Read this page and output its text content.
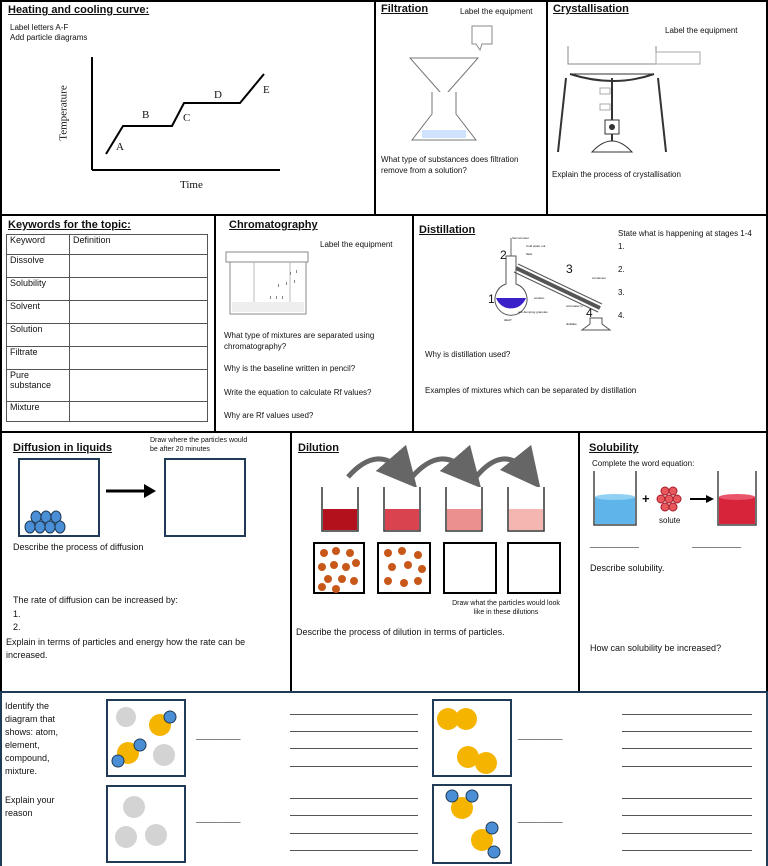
Heating and cooling curve:
Label letters A-F
Add particle diagrams
Temperature
Time
A
B	C
D	E
Filtration	Label the equipment
What type of substances does filtration remove from a solution?
Crystallisation
Label the equipment
Explain the process of crystallisation
Keywords for the topic:
Keyword	Definition
Dissolve	
Solubility	
Solvent	
Solution	
Filtrate	
Pure substance	
Mixture	
Chromatography
Label the equipment
What type of mixtures are separated using chromatography?
Why is the baseline written in pencil?
Write the equation to calculate Rf values?
Why are Rf values used?
Distillation	State what is happening at stages 1-4
1.
2.
3.
4.
1
2
3
4
thermometer
Cold water out
flask
condenser
solution
cold water in
anti-bumping granules
HEAT
distillate
Why is distillation used?
Examples of mixtures which can be separated by distillation
Diffusion in liquids
Draw where the particles would be after 20 minutes
Describe the process of diffusion
The rate of diffusion can be increased by:
1.
2.
Explain in terms of particles and energy how the rate can be increased.
Dilution
Draw what the particles would look like in these dilutions
Describe the process of dilution in terms of particles.
Solubility
Complete the word equation:
+
solute
___________	___________
Describe solubility.
How can solubility be increased?
Identify the diagram that shows: atom, element, compound, mixture.
Explain your reason
__________	__________
__________	__________
